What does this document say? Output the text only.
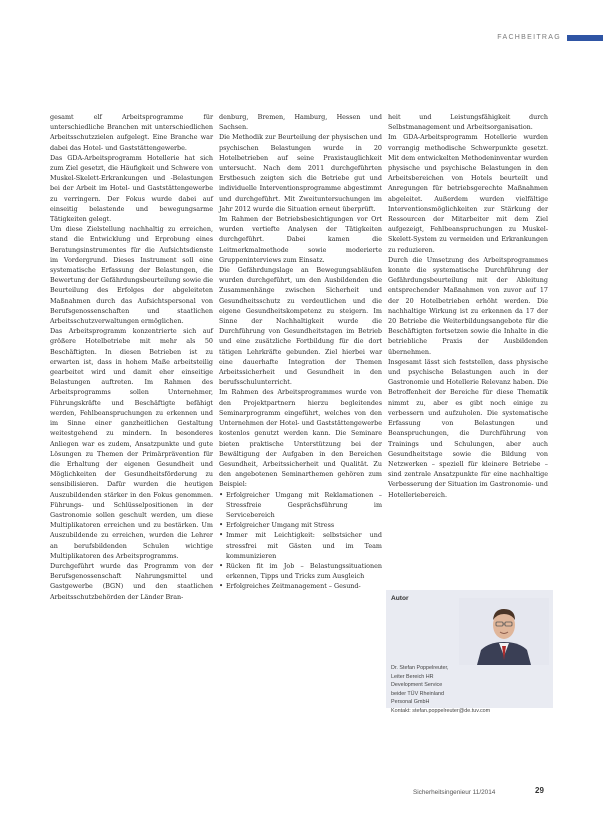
FACHBEITRAG

gesamt elf Arbeitsprogramme für unterschiedliche Branchen mit unterschiedlichen Arbeitsschutzzielen aufgelegt. Eine Branche war dabei das Hotel- und Gaststättengewerbe.

Das GDA-Arbeitsprogramm Hotellerie hat sich zum Ziel gesetzt, die Häufigkeit und Schwere von Muskel-Skelett-Erkrankungen und -Belastungen bei der Arbeit im Hotel- und Gaststättengewerbe zu verringern. Der Fokus wurde dabei auf einseitig belastende und bewegungsarme Tätigkeiten gelegt.

Um diese Zielstellung nachhaltig zu erreichen, stand die Entwicklung und Erprobung eines Beratungsinstrumentes für die Aufsichtsdienste im Vordergrund. Dieses Instrument soll eine systematische Erfassung der Belastungen, die Bewertung der Gefährdungsbeurteilung sowie die Beurteilung des Erfolges der abgeleiteten Maßnahmen durch das Aufsichtspersonal von Berufsgenossenschaften und staatlichen Arbeitsschutzverwaltungen ermöglichen.

Das Arbeitsprogramm konzentrierte sich auf größere Hotelbetriebe mit mehr als 50 Beschäftigten. In diesen Betrieben ist zu erwarten ist, dass in hohem Maße arbeitsteilig gearbeitet wird und damit eher einseitige Belastungen auftreten. Im Rahmen des Arbeitsprogramms sollen Unternehmer, Führungskräfte und Beschäftigte befähigt werden, Fehlbeanspruchungen zu erkennen und im Sinne einer ganzheitlichen Gestaltung weitestgehend zu mindern. In besonderes Anliegen war es zudem, Ansatzpunkte und gute Lösungen zu Themen der Primärprävention für die Erhaltung der eigenen Gesundheit und Möglichkeiten der Gesundheitsförderung zu sensibilisieren. Dafür wurden die heutigen Auszubildenden stärker in den Fokus genommen. Führungs- und Schlüsselpositionen in der Gastronomie sollen geschult werden, um diese Multiplikatoren erreichen und zu bestärken. Um Auszubildende zu erreichen, wurden die Lehrer an berufsbildenden Schulen wichtige Multiplikatoren des Arbeitsprogramms.

Durchgeführt wurde das Programm von der Berufsgenossenschaft Nahrungsmittel und Gastgewerbe (BGN) und den staatlichen Arbeitsschutzbehörden der Länder Bran-

denburg, Bremen, Hamburg, Hessen und Sachsen.

Die Methodik zur Beurteilung der physischen und psychischen Belastungen wurde in 20 Hotelbetrieben auf seine Praxistauglichkeit untersucht. Nach dem 2011 durchgeführten Erstbesuch zeigten sich die Betriebe gut und individuelle Interventionsprogramme abgestimmt und durchgeführt. Mit Zweituntersuchungen im Jahr 2012 wurde die Situation erneut überprüft.

Im Rahmen der Betriebsbesichtigungen vor Ort wurden vertiefte Analysen der Tätigkeiten durchgeführt. Dabei kamen die Leitmerkmalmethode sowie moderierte Gruppeninterviews zum Einsatz.

Die Gefährdungslage an Bewegungsabläufen wurden durchgeführt, um den Ausbildenden die Zusammenhänge zwischen Sicherheit und Gesundheitsschutz zu verdeutlichen und die eigene Gesundheitskompetenz zu steigern. Im Sinne der Nachhaltigkeit wurde die Durchführung von Gesundheitstagen im Betrieb und eine zusätzliche Fortbildung für die dort tätigen Lehrkräfte gebunden. Ziel hierbei war eine dauerhafte Integration der Themen Arbeitssicherheit und Gesundheit in den berufsschulunterricht.

Im Rahmen des Arbeitsprogrammes wurde von den Projektpartnern hierzu begleitendes Seminarprogramm eingeführt, welches von den Unternehmen der Hotel- und Gaststättengewerbe kostenlos genutzt werden kann. Die Seminare bieten praktische Unterstützung bei der Bewältigung der Aufgaben in den Bereichen Gesundheit, Arbeitssicherheit und Qualität. Zu den angebotenen Seminarthemen gehören zum Beispiel:

• Erfolgreicher Umgang mit Reklamationen – Stressfreie Gesprächsführung im Servicebereich
• Erfolgreicher Umgang mit Stress
• Immer mit Leichtigkeit: selbstsicher und stressfrei mit Gästen und im Team kommunizieren
• Rücken fit im Job – Belastungssituationen erkennen, Tipps und Tricks zum Ausgleich
• Erfolgreiches Zeitmanagement – Gesund-

heit und Leistungsfähigkeit durch Selbstmanagement und Arbeitsorganisation.

Im GDA-Arbeitsprogramm Hotellerie wurden vorrangig methodische Schwerpunkte gesetzt. Mit dem entwickelten Methodeninventar wurden physische und psychische Belastungen in den Arbeitsbereichen von Hotels beurteilt und Anregungen für betriebsgerechte Maßnahmen abgeleitet. Außerdem wurden vielfältige Interventionsmöglichkeiten zur Stärkung der Ressourcen der Mitarbeiter mit dem Ziel aufgezeigt, Fehlbeanspruchungen zu Muskel-Skelett-System zu vermeiden und Erkrankungen zu reduzieren.

Durch die Umsetzung des Arbeitsprogrammes konnte die systematische Durchführung der Gefährdungsbeurteilung mit der Ableitung entsprechender Maßnahmen von zuvor auf 17 der 20 Hotelbetrieben erhöht werden. Die nachhaltige Wirkung ist zu erkennen da 17 der 20 Betriebe die Weiterbildungsangebote für die Beschäftigten fortsetzen sowie die Inhalte in die betriebliche Praxis der Ausbildenden übernehmen.

Insgesamt lässt sich feststellen, dass physische und psychische Belastungen auch in der Gastronomie und Hotellerie Relevanz haben. Die Betroffenheit der Bereiche für diese Thematik nimmt zu, aber es gibt noch einige zu verbessern und aufzuholen. Die systematische Erfassung von Belastungen und Beanspruchungen, die Durchführung von Trainings und Schulungen, aber auch Gesundheitstage sowie die Bildung von Netzwerken – speziell für kleinere Betriebe – sind zentrale Ansatzpunkte für eine nachhaltige Verbesserung der Situation im Gastronomie- und Hotelleriebereich.

Autor
Dr. Stefan Poppelreuter,
Leiter Bereich HR
Development Service
beider TÜV Rheinland
Personal GmbH
Kontakt: stefan.poppelreuter@de.tuv.com
Sicherheitsingenieur 11/2014	29
